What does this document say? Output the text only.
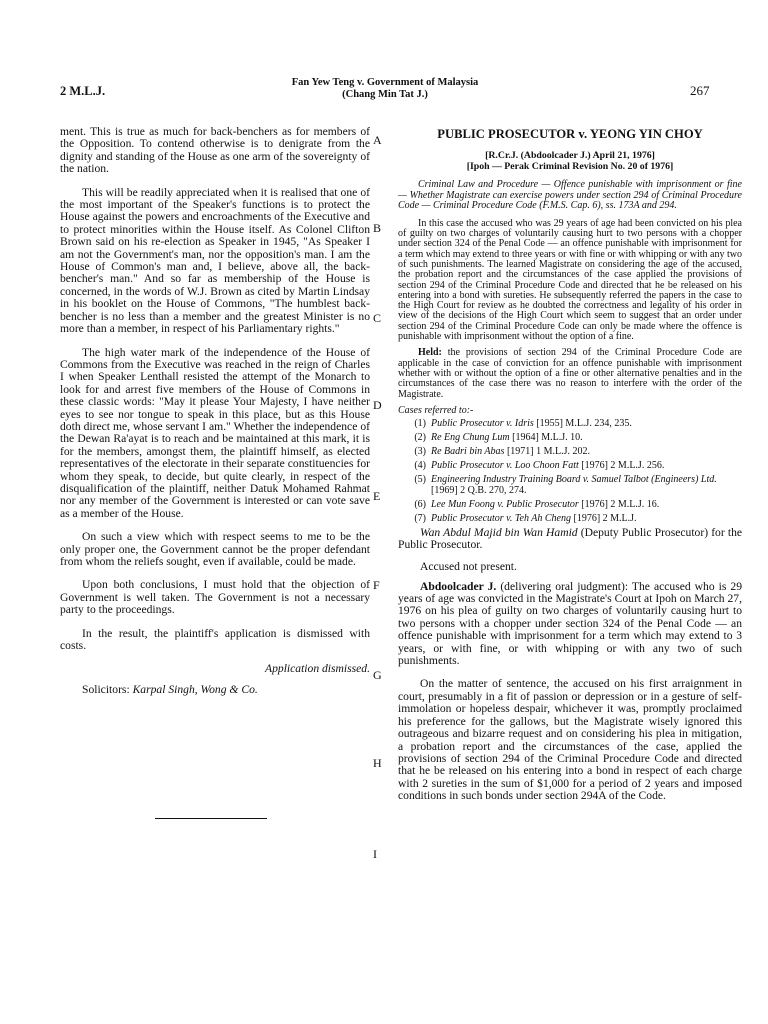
2 M.L.J.
Fan Yew Teng v. Government of Malaysia
(Chang Min Tat J.)	267

ment. This is true as much for back-benchers as for members of the Opposition. To contend otherwise is to denigrate from the dignity and standing of the House as one arm of the sovereignty of the nation.

This will be readily appreciated when it is realised that one of the most important of the Speaker's functions is to protect the House against the powers and encroachments of the Executive and to protect minorities within the House itself. As Colonel Clifton Brown said on his re-election as Speaker in 1945, "As Speaker I am not the Government's man, nor the opposition's man. I am the House of Common's man and, I believe, above all, the back-bencher's man." And so far as membership of the House is concerned, in the words of W.J. Brown as cited by Martin Lindsay in his booklet on the House of Commons, "The humblest back-bencher is no less than a member and the greatest Minister is no more than a member, in respect of his Parliamentary rights."

The high water mark of the independence of the House of Commons from the Executive was reached in the reign of Charles I when Speaker Lenthall resisted the attempt of the Monarch to look for and arrest five members of the House of Commons in these classic words: "May it please Your Majesty, I have neither eyes to see nor tongue to speak in this place, but as this House doth direct me, whose servant I am." Whether the independence of the Dewan Ra'ayat is to reach and be maintained at this mark, it is for the members, amongst them, the plaintiff himself, as elected representatives of the electorate in their separate constituencies for whom they speak, to decide, but quite clearly, in respect of the disqualification of the plaintiff, neither Datuk Mohamed Rahmat nor any member of the Government is interested or can vote save as a member of the House.

On such a view which with respect seems to me to be the only proper one, the Government cannot be the proper defendant from whom the reliefs sought, even if available, could be made.

Upon both conclusions, I must hold that the objection of Government is well taken. The Government is not a necessary party to the proceedings.

In the result, the plaintiff's application is dismissed with costs.

Application dismissed.
Solicitors: Karpal Singh, Wong & Co.
A
B
C
D
E
F
G
H
I
PUBLIC PROSECUTOR v. YEONG YIN CHOY
[R.Cr.J. (Abdoolcader J.) April 21, 1976]
[Ipoh — Perak Criminal Revision No. 20 of 1976]

Criminal Law and Procedure — Offence punishable with imprisonment or fine — Whether Magistrate can exercise powers under section 294 of Criminal Procedure Code — Criminal Procedure Code (F.M.S. Cap. 6), ss. 173A and 294.

In this case the accused who was 29 years of age had been convicted on his plea of guilty on two charges of voluntarily causing hurt to two persons with a chopper under section 324 of the Penal Code — an offence punishable with imprisonment for a term which may extend to three years or with fine or with whipping or with any two of such punishments. The learned Magistrate on considering the age of the accused, the probation report and the circumstances of the case applied the provisions of section 294 of the Criminal Procedure Code and directed that he be released on his entering into a bond with sureties. He subsequently referred the papers in the case to the High Court for review as he doubted the correctness and legality of his order in view of the decisions of the High Court which seem to suggest that an order under section 294 of the Criminal Procedure Code can only be made where the offence is punishable with imprisonment without the option of a fine.

Held: the provisions of section 294 of the Criminal Procedure Code are applicable in the case of conviction for an offence punishable with imprisonment whether with or without the option of a fine or other alternative penalties and in the circumstances of the case there was no reason to interfere with the order of the Magistrate.

Cases referred to:-
(1) Public Prosecutor v. Idris [1955] M.L.J. 234, 235.
(2) Re Eng Chung Lum [1964] M.L.J. 10.
(3) Re Badri bin Abas [1971] 1 M.L.J. 202.
(4) Public Prosecutor v. Loo Choon Fatt [1976] 2 M.L.J. 256.
(5) Engineering Industry Training Board v. Samuel Talbot (Engineers) Ltd. [1969] 2 Q.B. 270, 274.
(6) Lee Mun Foong v. Public Prosecutor [1976] 2 M.L.J. 16.
(7) Public Prosecutor v. Teh Ah Cheng [1976] 2 M.L.J.

Wan Abdul Majid bin Wan Hamid (Deputy Public Prosecutor) for the Public Prosecutor.

Accused not present.

Abdoolcader J. (delivering oral judgment): The accused who is 29 years of age was convicted in the Magistrate's Court at Ipoh on March 27, 1976 on his plea of guilty on two charges of voluntarily causing hurt to two persons with a chopper under section 324 of the Penal Code — an offence punishable with imprisonment for a term which may extend to 3 years, or with fine, or with whipping or with any two of such punishments.

On the matter of sentence, the accused on his first arraignment in court, presumably in a fit of passion or depression or in a gesture of self-immolation or hopeless despair, whichever it was, promptly proclaimed his preference for the gallows, but the Magistrate wisely ignored this outrageous and bizarre request and on considering his plea in mitigation, a probation report and the circumstances of the case, applied the provisions of section 294 of the Criminal Procedure Code and directed that he be released on his entering into a bond in respect of each charge with 2 sureties in the sum of $1,000 for a period of 2 years and imposed conditions in such bonds under section 294A of the Code.
